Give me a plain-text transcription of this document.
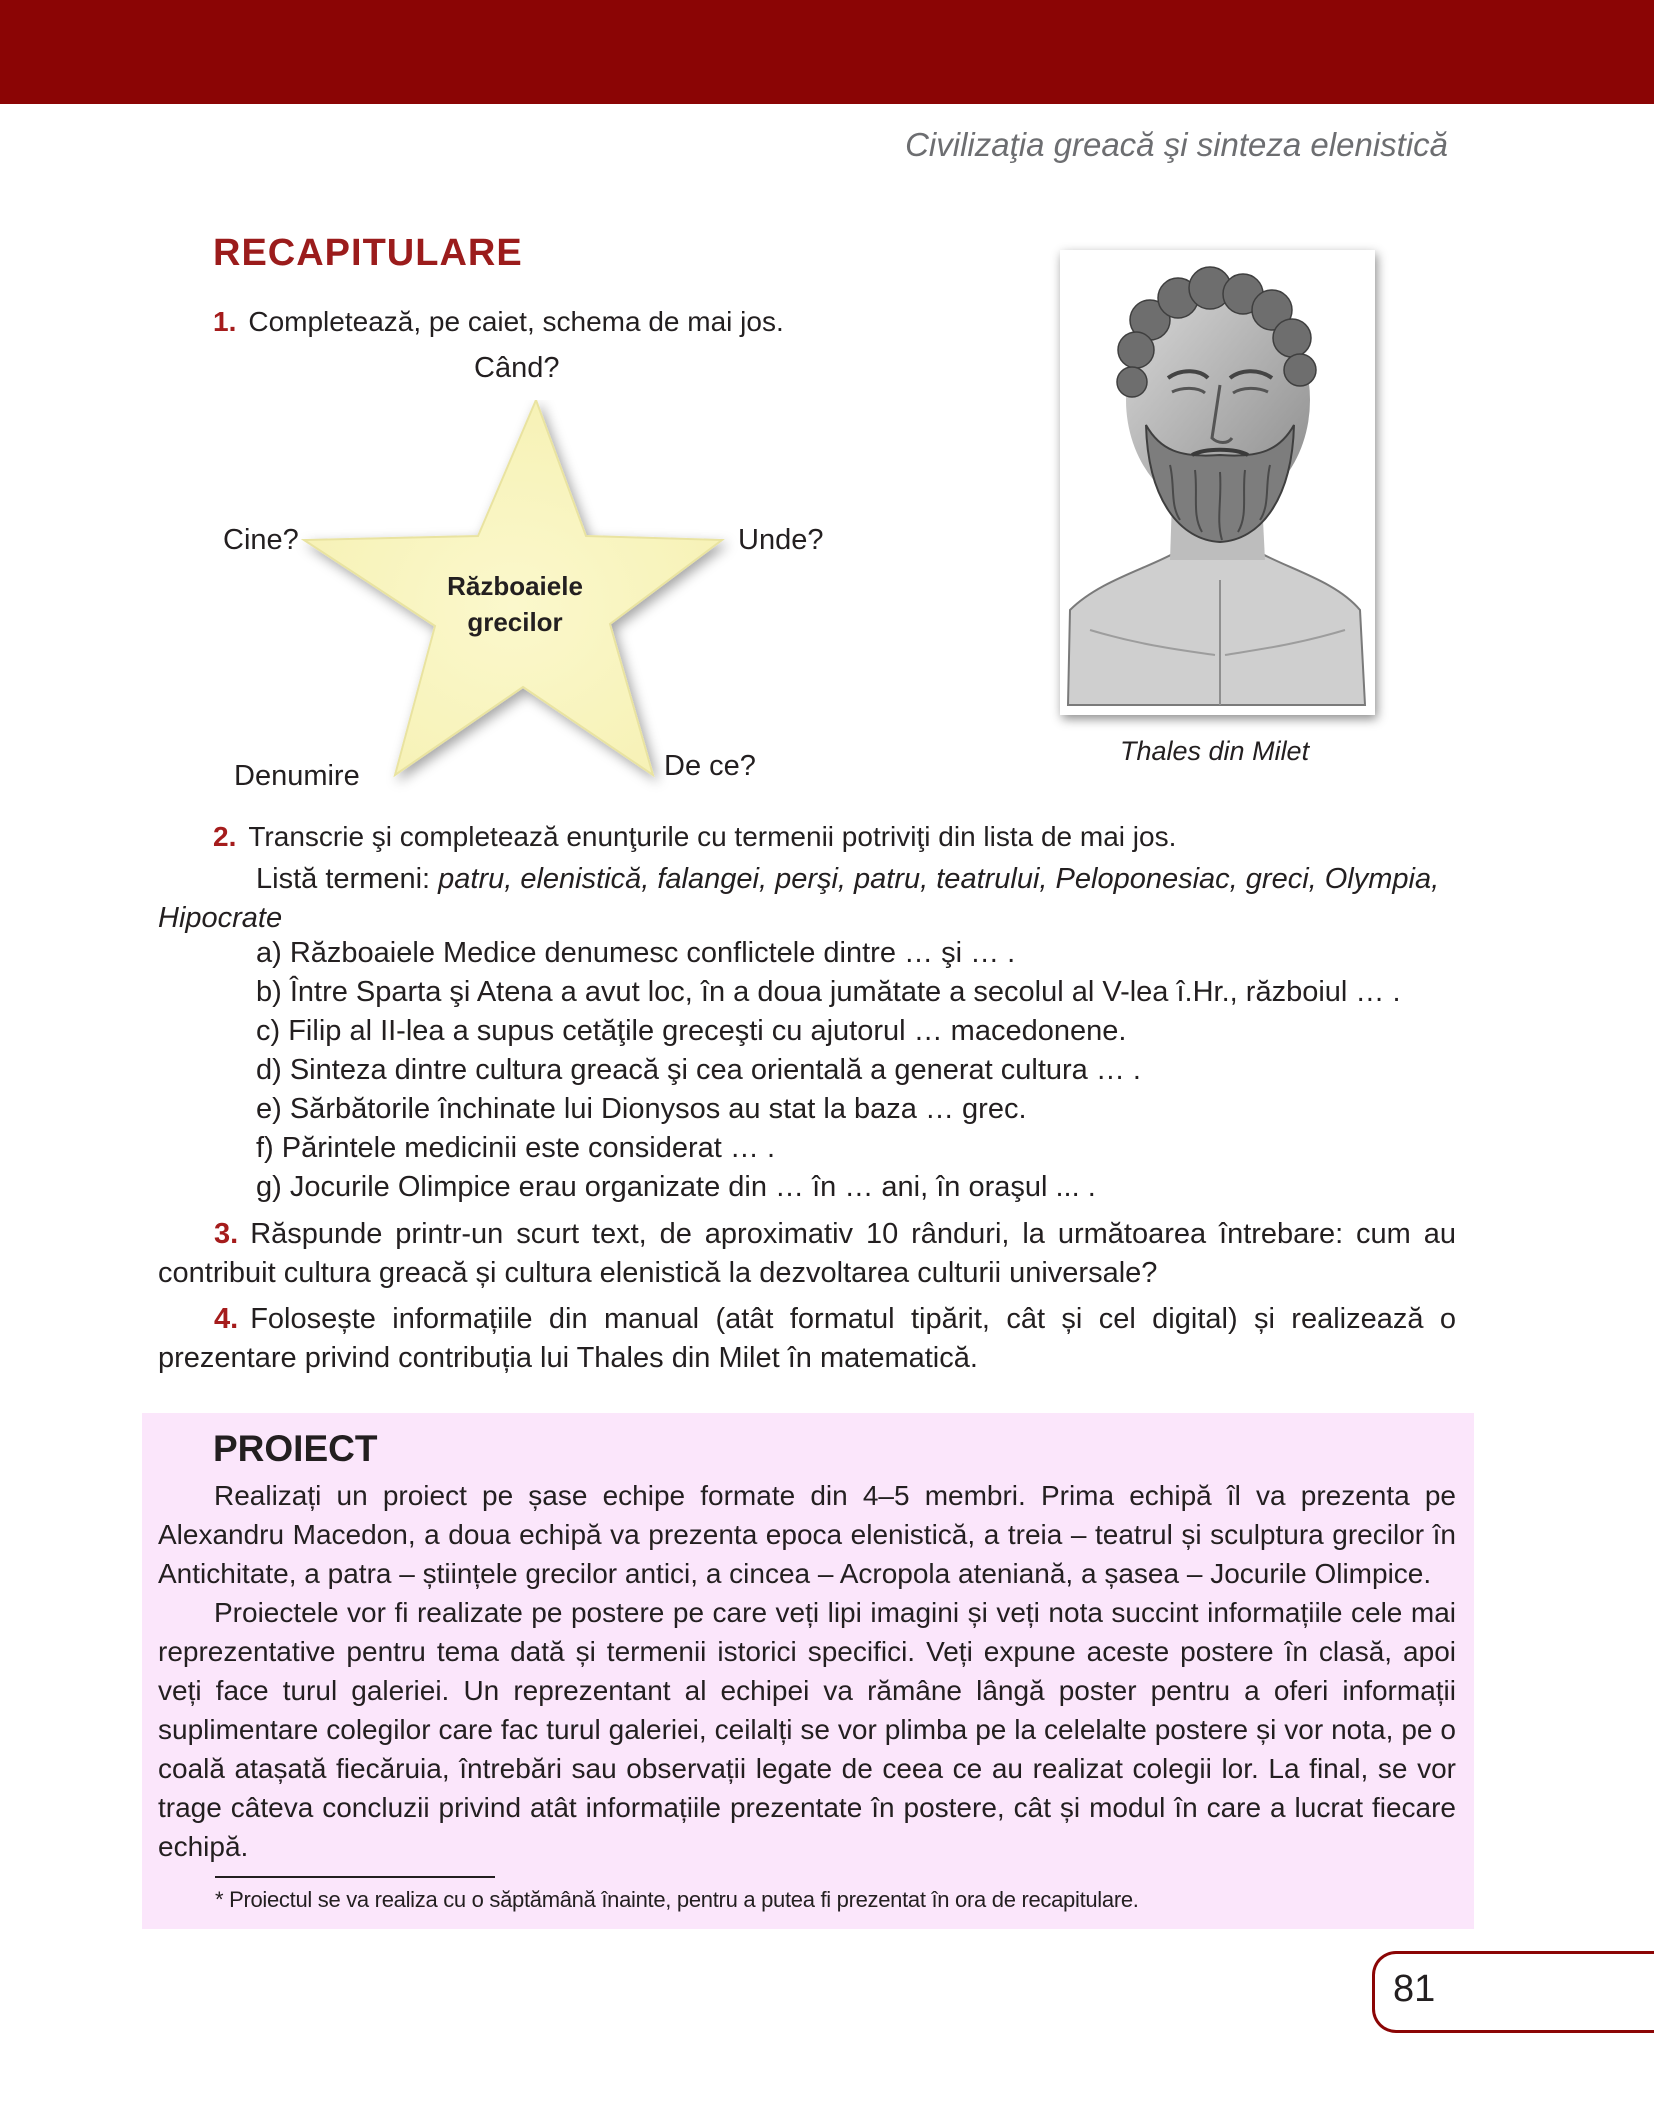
Civilizaţia greacă şi sinteza elenistică
RECAPITULARE
1. Completează, pe caiet, schema de mai jos.
Războaiele
grecilor
Când?
Cine?	Unde?
Denumire	De ce?	Thales din Milet
2. Transcrie şi completează enunţurile cu termenii potriviţi din lista de mai jos.
Listă termeni: patru, elenistică, falangei, perşi, patru, teatrului, Peloponesiac, greci, Olympia, Hipocrate
a) Războaiele Medice denumesc conflictele dintre … şi … .
b) Între Sparta şi Atena a avut loc, în a doua jumătate a secolul al V-lea î.Hr., războiul … .
c) Filip al II-lea a supus cetăţile greceşti cu ajutorul … macedonene.
d) Sinteza dintre cultura greacă şi cea orientală a generat cultura … .
e) Sărbătorile închinate lui Dionysos au stat la baza … grec.
f) Părintele medicinii este considerat … .
g) Jocurile Olimpice erau organizate din … în … ani, în oraşul ... .
3. Răspunde printr-un scurt text, de aproximativ 10 rânduri, la următoarea întrebare: cum au contribuit cultura greacă și cultura elenistică la dezvoltarea culturii universale?
4. Folosește informațiile din manual (atât formatul tipărit, cât și cel digital) și realizează o prezentare privind contribuția lui Thales din Milet în matematică.
PROIECT
Realizați un proiect pe șase echipe formate din 4–5 membri. Prima echipă îl va prezenta pe Alexandru Macedon, a doua echipă va prezenta epoca elenistică, a treia – teatrul și sculptura grecilor în Antichitate, a patra – științele grecilor antici, a cincea – Acropola ateniană, a șasea – Jocurile Olimpice.
Proiectele vor fi realizate pe postere pe care veți lipi imagini și veți nota succint informațiile cele mai reprezentative pentru tema dată și termenii istorici specifici. Veți expune aceste postere în clasă, apoi veți face turul galeriei. Un reprezentant al echipei va rămâne lângă poster pentru a oferi informații suplimentare colegilor care fac turul galeriei, ceilalți se vor plimba pe la celelalte postere și vor nota, pe o coală atașată fiecăruia, întrebări sau observații legate de ceea ce au realizat colegii lor. La final, se vor trage câteva concluzii privind atât informațiile prezentate în postere, cât și modul în care a lucrat fiecare echipă.
* Proiectul se va realiza cu o săptămână înainte, pentru a putea fi prezentat în ora de recapitulare.
81
